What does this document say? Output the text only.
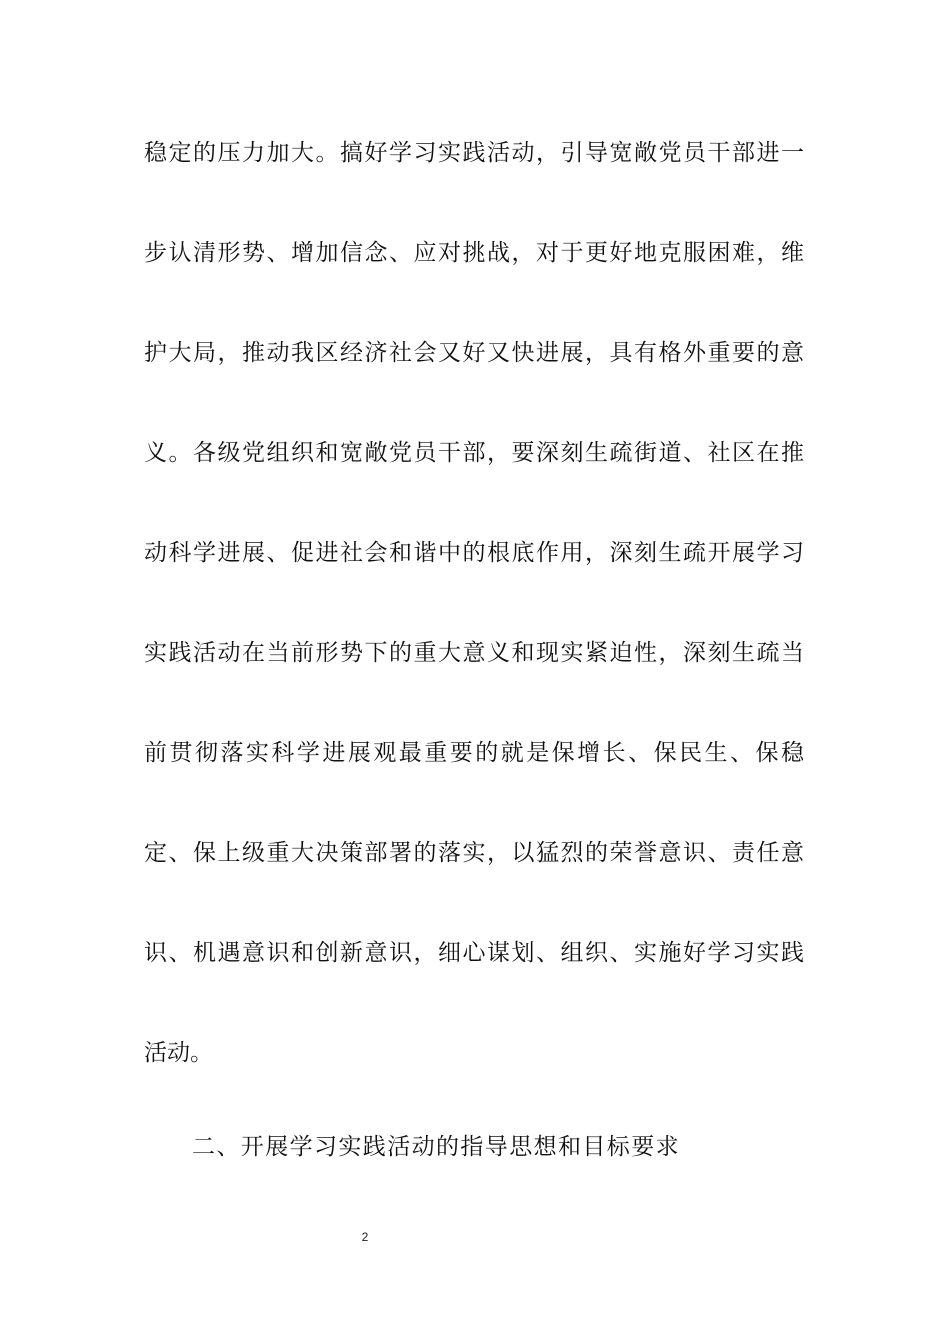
稳定的压力加大。搞好学习实践活动，引导宽敞党员干部进一
步认清形势、增加信念、应对挑战，对于更好地克服困难，维
护大局，推动我区经济社会又好又快进展，具有格外重要的意
义。各级党组织和宽敞党员干部，要深刻生疏街道、社区在推
动科学进展、促进社会和谐中的根底作用，深刻生疏开展学习
实践活动在当前形势下的重大意义和现实紧迫性，深刻生疏当
前贯彻落实科学进展观最重要的就是保增长、保民生、保稳
定、保上级重大决策部署的落实，以猛烈的荣誉意识、责任意
识、机遇意识和创新意识，细心谋划、组织、实施好学习实践
活动。
二、开展学习实践活动的指导思想和目标要求
2
